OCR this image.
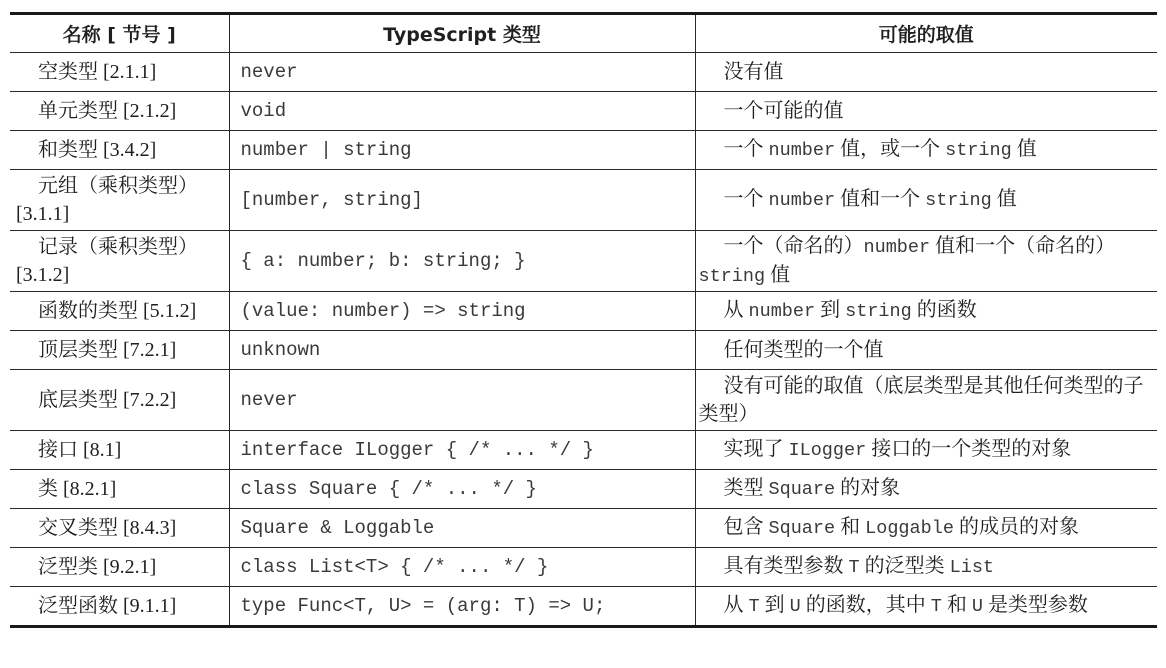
名称 [ 节号 ]	TypeScript 类型	可能的取值
空类型 [2.1.1]	never	没有值
单元类型 [2.1.2]	void	一个可能的值
和类型 [3.4.2]	number | string	一个 number 值，或一个 string 值
元组（乘积类型）[3.1.1]	[number, string]	一个 number 值和一个 string 值
记录（乘积类型）[3.1.2]	{ a: number; b: string; }	一个（命名的）number 值和一个（命名的）string 值
函数的类型 [5.1.2]	(value: number) => string	从 number 到 string 的函数
顶层类型 [7.2.1]	unknown	任何类型的一个值
底层类型 [7.2.2]	never	没有可能的取值（底层类型是其他任何类型的子类型）
接口 [8.1]	interface ILogger { /* ... */ }	实现了 ILogger 接口的一个类型的对象
类 [8.2.1]	class Square { /* ... */ }	类型 Square 的对象
交叉类型 [8.4.3]	Square & Loggable	包含 Square 和 Loggable 的成员的对象
泛型类 [9.2.1]	class List<T> { /* ... */ }	具有类型参数 T 的泛型类 List
泛型函数 [9.1.1]	type Func<T, U> = (arg: T) => U;	从 T 到 U 的函数，其中 T 和 U 是类型参数
